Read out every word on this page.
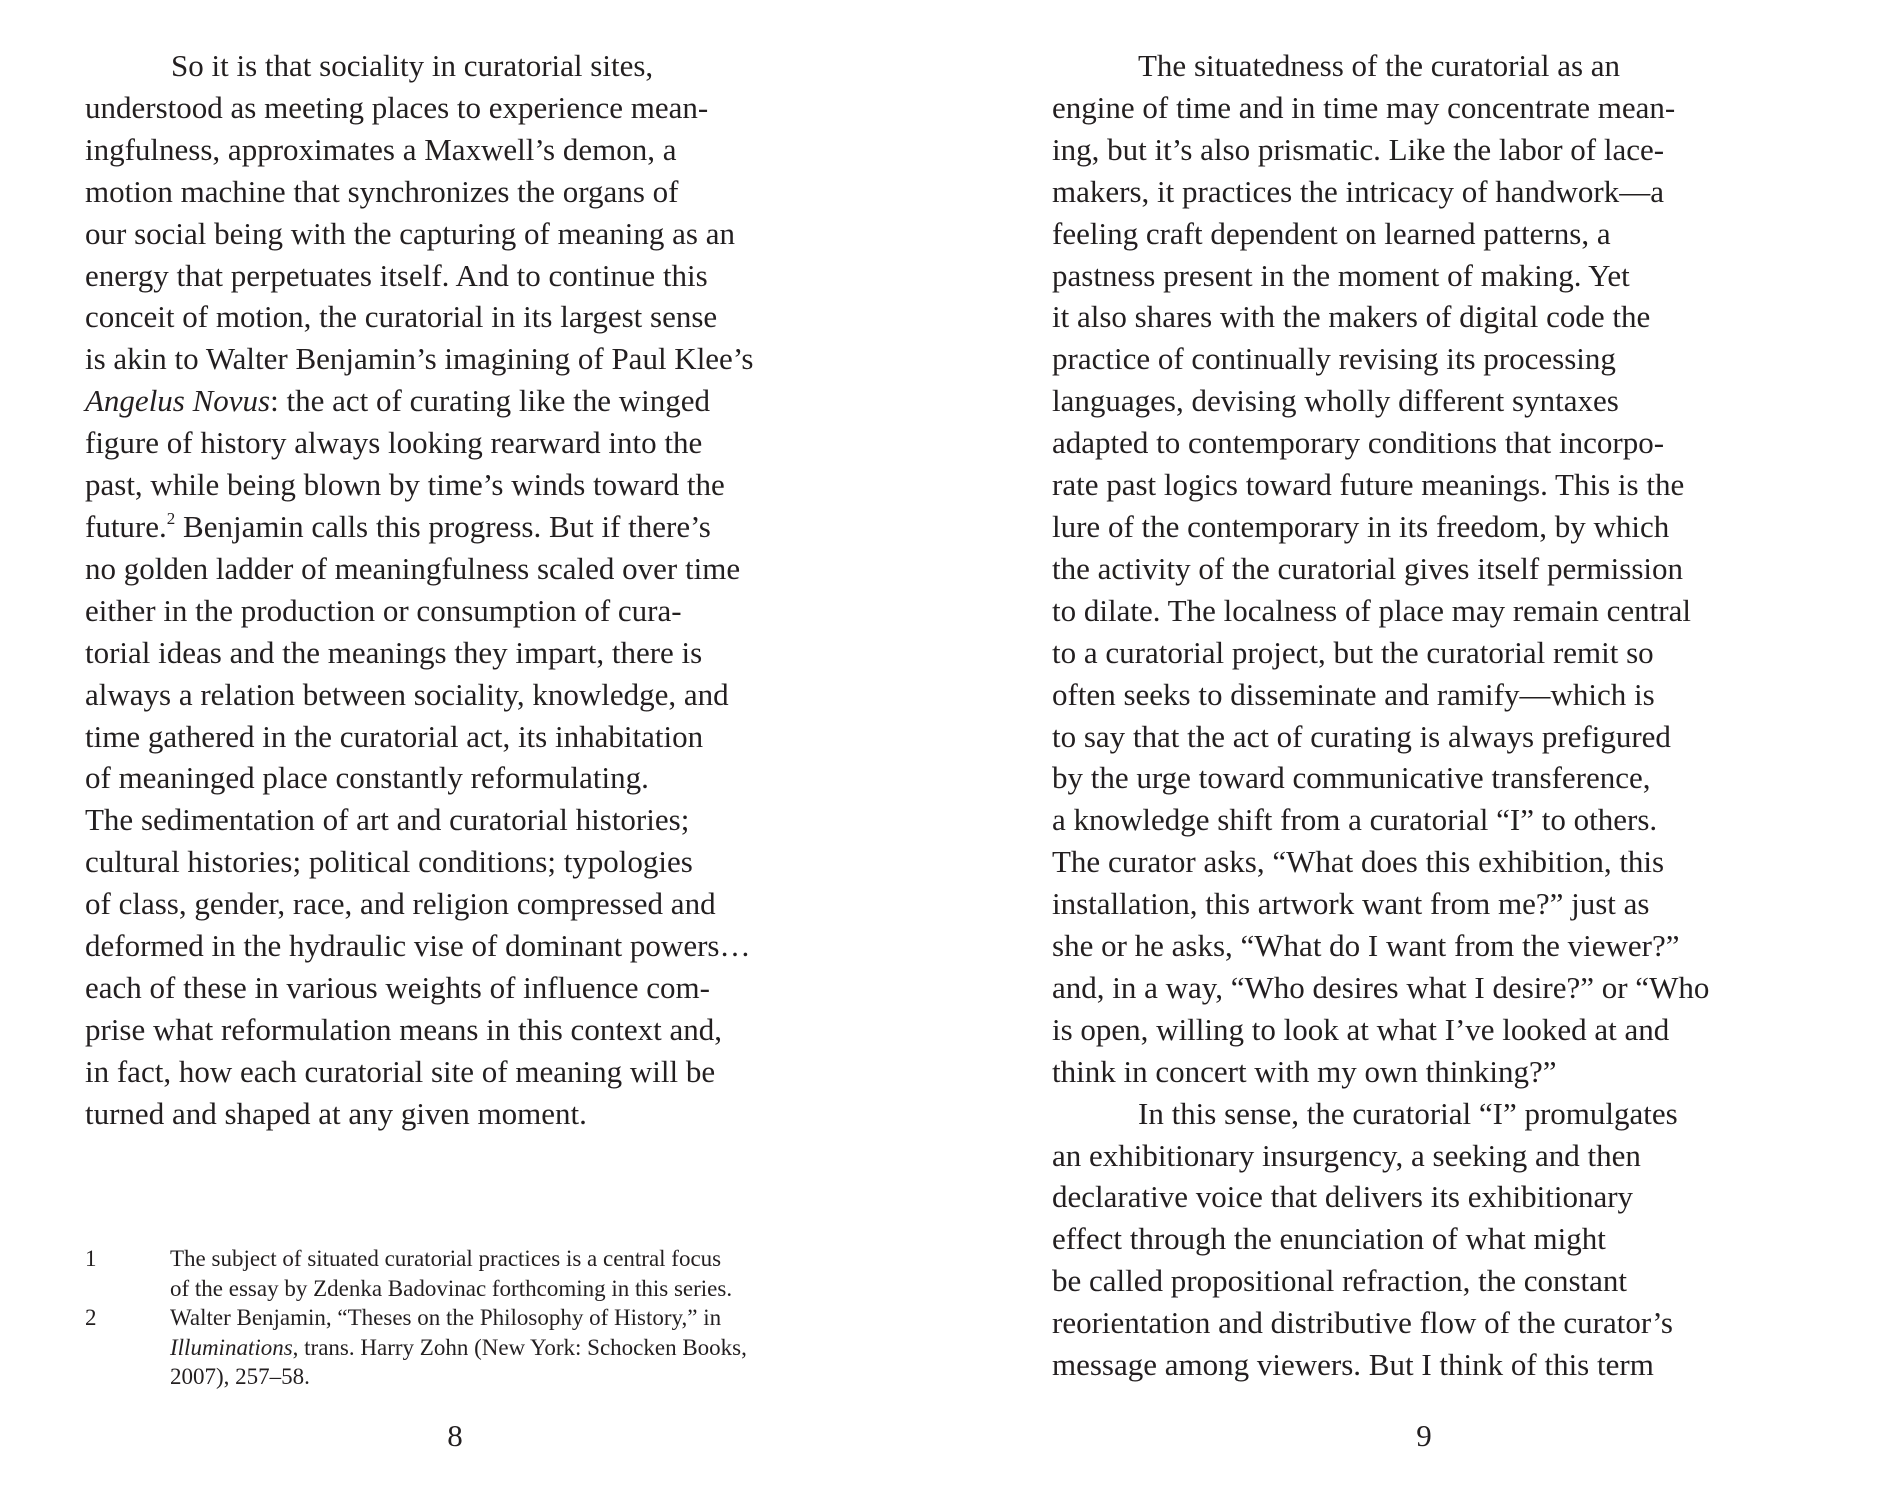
So it is that sociality in curatorial sites,
understood as meeting places to experience mean-
ingfulness, approximates a Maxwell’s demon, a
motion machine that synchronizes the organs of
our social being with the capturing of meaning as an
energy that perpetuates itself. And to continue this
conceit of motion, the curatorial in its largest sense
is akin to Walter Benjamin’s imagining of Paul Klee’s
Angelus Novus: the act of curating like the winged
figure of history always looking rearward into the
past, while being blown by time’s winds toward the
future.$^2$ Benjamin calls this progress. But if there’s
no golden ladder of meaningfulness scaled over time
either in the production or consumption of cura-
torial ideas and the meanings they impart, there is
always a relation between sociality, knowledge, and
time gathered in the curatorial act, its inhabitation
of meaninged place constantly reformulating.
The sedimentation of art and curatorial histories;
cultural histories; political conditions; typologies
of class, gender, race, and religion compressed and
deformed in the hydraulic vise of dominant powers…
each of these in various weights of influence com-
prise what reformulation means in this context and,
in fact, how each curatorial site of meaning will be
turned and shaped at any given moment.
1	The subject of situated curatorial practices is a central focus
of the essay by Zdenka Badovinac forthcoming in this series.
2	Walter Benjamin, “Theses on the Philosophy of History,” in
Illuminations, trans. Harry Zohn (New York: Schocken Books,
2007), 257–58.
8
The situatedness of the curatorial as an
engine of time and in time may concentrate mean-
ing, but it’s also prismatic. Like the labor of lace-
makers, it practices the intricacy of handwork—a
feeling craft dependent on learned patterns, a
pastness present in the moment of making. Yet
it also shares with the makers of digital code the
practice of continually revising its processing
languages, devising wholly different syntaxes
adapted to contemporary conditions that incorpo-
rate past logics toward future meanings. This is the
lure of the contemporary in its freedom, by which
the activity of the curatorial gives itself permission
to dilate. The localness of place may remain central
to a curatorial project, but the curatorial remit so
often seeks to disseminate and ramify—which is
to say that the act of curating is always prefigured
by the urge toward communicative transference,
a knowledge shift from a curatorial “I” to others.
The curator asks, “What does this exhibition, this
installation, this artwork want from me?” just as
she or he asks, “What do I want from the viewer?”
and, in a way, “Who desires what I desire?” or “Who
is open, willing to look at what I’ve looked at and
think in concert with my own thinking?”
In this sense, the curatorial “I” promulgates
an exhibitionary insurgency, a seeking and then
declarative voice that delivers its exhibitionary
effect through the enunciation of what might
be called propositional refraction, the constant
reorientation and distributive flow of the curator’s
message among viewers. But I think of this term
9
